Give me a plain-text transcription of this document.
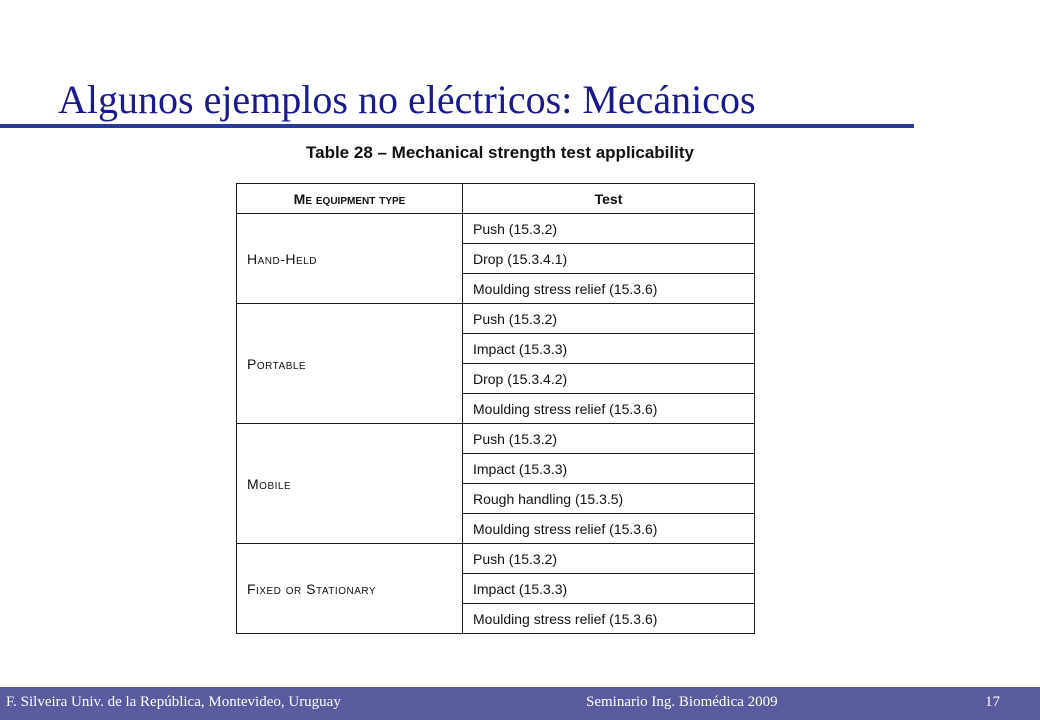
Algunos ejemplos no eléctricos: Mecánicos
Table 28 – Mechanical strength test applicability
Me equipment type	Test
Hand-Held	Push (15.3.2)
	Drop (15.3.4.1)
	Moulding stress relief (15.3.6)
Portable	Push (15.3.2)
	Impact (15.3.3)
	Drop (15.3.4.2)
	Moulding stress relief (15.3.6)
Mobile	Push (15.3.2)
	Impact (15.3.3)
	Rough handling (15.3.5)
	Moulding stress relief (15.3.6)
Fixed or Stationary	Push (15.3.2)
	Impact (15.3.3)
	Moulding stress relief (15.3.6)
F. Silveira Univ. de la República, Montevideo, Uruguay	Seminario Ing. Biomédica 2009	17
